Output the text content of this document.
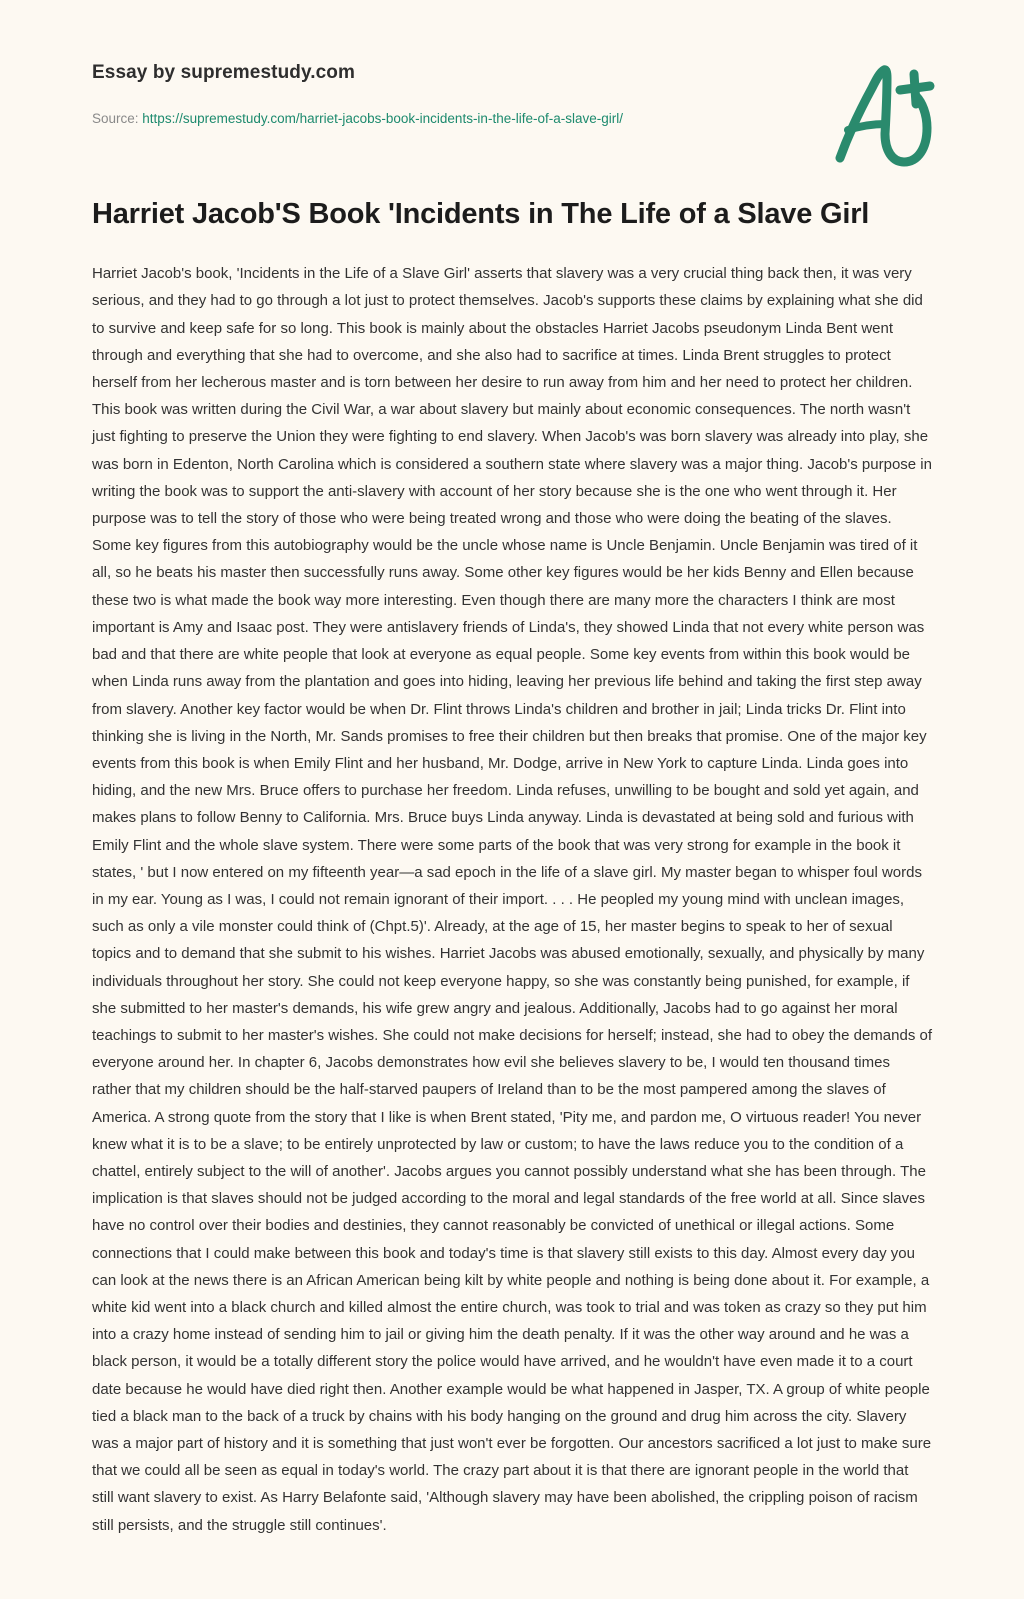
Essay by supremestudy.com
Source: https://supremestudy.com/harriet-jacobs-book-incidents-in-the-life-of-a-slave-girl/
Harriet Jacob'S Book 'Incidents in The Life of a Slave Girl

Harriet Jacob's book, 'Incidents in the Life of a Slave Girl' asserts that slavery was a very crucial thing back then, it was very serious, and they had to go through a lot just to protect themselves. Jacob's supports these claims by explaining what she did to survive and keep safe for so long. This book is mainly about the obstacles Harriet Jacobs pseudonym Linda Bent went through and everything that she had to overcome, and she also had to sacrifice at times. Linda Brent struggles to protect herself from her lecherous master and is torn between her desire to run away from him and her need to protect her children. This book was written during the Civil War, a war about slavery but mainly about economic consequences. The north wasn't just fighting to preserve the Union they were fighting to end slavery. When Jacob's was born slavery was already into play, she was born in Edenton, North Carolina which is considered a southern state where slavery was a major thing. Jacob's purpose in writing the book was to support the anti-slavery with account of her story because she is the one who went through it. Her purpose was to tell the story of those who were being treated wrong and those who were doing the beating of the slaves. Some key figures from this autobiography would be the uncle whose name is Uncle Benjamin. Uncle Benjamin was tired of it all, so he beats his master then successfully runs away. Some other key figures would be her kids Benny and Ellen because these two is what made the book way more interesting. Even though there are many more the characters I think are most important is Amy and Isaac post. They were antislavery friends of Linda's, they showed Linda that not every white person was bad and that there are white people that look at everyone as equal people. Some key events from within this book would be when Linda runs away from the plantation and goes into hiding, leaving her previous life behind and taking the first step away from slavery. Another key factor would be when Dr. Flint throws Linda's children and brother in jail; Linda tricks Dr. Flint into thinking she is living in the North, Mr. Sands promises to free their children but then breaks that promise. One of the major key events from this book is when Emily Flint and her husband, Mr. Dodge, arrive in New York to capture Linda. Linda goes into hiding, and the new Mrs. Bruce offers to purchase her freedom. Linda refuses, unwilling to be bought and sold yet again, and makes plans to follow Benny to California. Mrs. Bruce buys Linda anyway. Linda is devastated at being sold and furious with Emily Flint and the whole slave system. There were some parts of the book that was very strong for example in the book it states, ' but I now entered on my fifteenth year—a sad epoch in the life of a slave girl. My master began to whisper foul words in my ear. Young as I was, I could not remain ignorant of their import. . . . He peopled my young mind with unclean images, such as only a vile monster could think of (Chpt.5)'. Already, at the age of 15, her master begins to speak to her of sexual topics and to demand that she submit to his wishes. Harriet Jacobs was abused emotionally, sexually, and physically by many individuals throughout her story. She could not keep everyone happy, so she was constantly being punished, for example, if she submitted to her master's demands, his wife grew angry and jealous. Additionally, Jacobs had to go against her moral teachings to submit to her master's wishes. She could not make decisions for herself; instead, she had to obey the demands of everyone around her. In chapter 6, Jacobs demonstrates how evil she believes slavery to be, I would ten thousand times rather that my children should be the half-starved paupers of Ireland than to be the most pampered among the slaves of America. A strong quote from the story that I like is when Brent stated, 'Pity me, and pardon me, O virtuous reader! You never knew what it is to be a slave; to be entirely unprotected by law or custom; to have the laws reduce you to the condition of a chattel, entirely subject to the will of another'. Jacobs argues you cannot possibly understand what she has been through. The implication is that slaves should not be judged according to the moral and legal standards of the free world at all. Since slaves have no control over their bodies and destinies, they cannot reasonably be convicted of unethical or illegal actions. Some connections that I could make between this book and today's time is that slavery still exists to this day. Almost every day you can look at the news there is an African American being kilt by white people and nothing is being done about it. For example, a white kid went into a black church and killed almost the entire church, was took to trial and was token as crazy so they put him into a crazy home instead of sending him to jail or giving him the death penalty. If it was the other way around and he was a black person, it would be a totally different story the police would have arrived, and he wouldn't have even made it to a court date because he would have died right then. Another example would be what happened in Jasper, TX. A group of white people tied a black man to the back of a truck by chains with his body hanging on the ground and drug him across the city. Slavery was a major part of history and it is something that just won't ever be forgotten. Our ancestors sacrificed a lot just to make sure that we could all be seen as equal in today's world. The crazy part about it is that there are ignorant people in the world that still want slavery to exist. As Harry Belafonte said, 'Although slavery may have been abolished, the crippling poison of racism still persists, and the struggle still continues'.
